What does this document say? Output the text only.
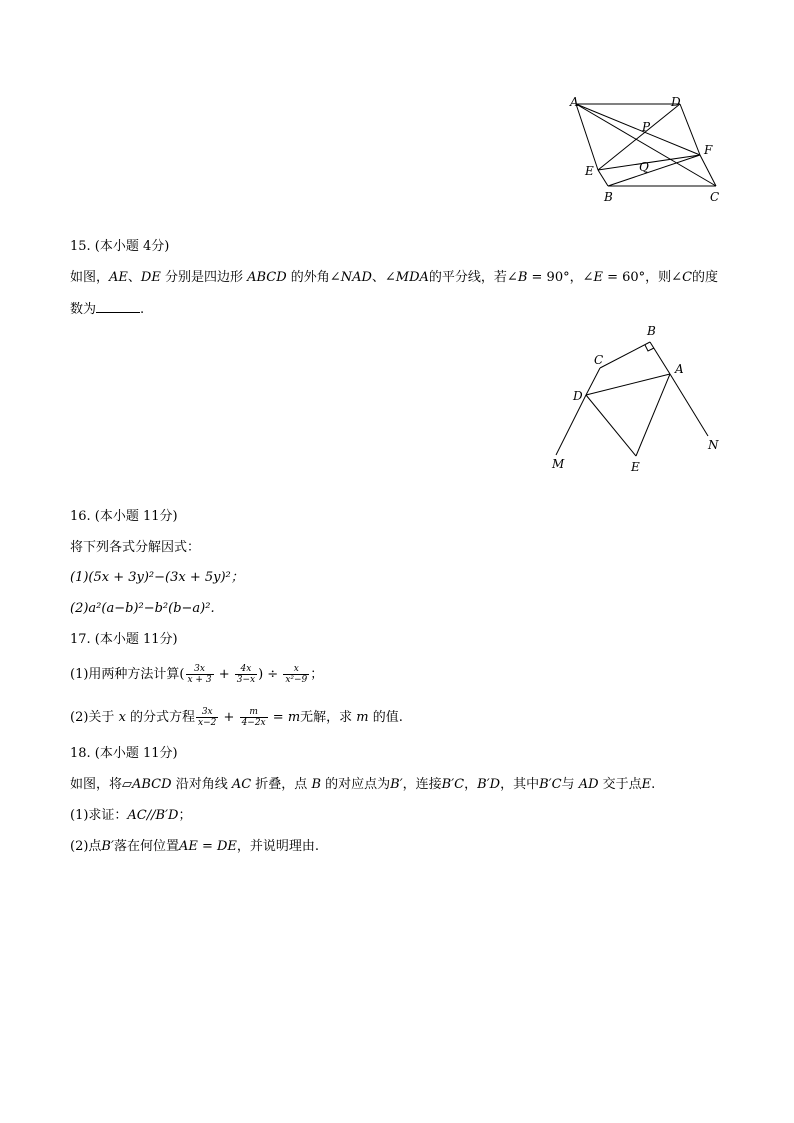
A	D
P
F
E	Q
B	C
15. (本小题 4分)
如图，AE、DE 分别是四边形 ABCD 的外角∠NAD、∠MDA的平分线，若∠B = 90°，∠E = 60°，则∠C的度
数为	.
B
C
A
D
N
M	E
16. (本小题 11分)
将下列各式分解因式：
(1)(5x + 3y)²−(3x + 5y)²；
(2)a²(a−b)²−b²(b−a)².
17. (本小题 11分)
(1)用两种方法计算( $\frac{3x}{x + 3} + \frac{4x}{3-x}$ ) ÷ $\frac{x}{\text{x²−9}}$ ；
(2)关于 x 的分式方程 $\frac{3x}{x-2} + \frac{m}{4-2x} = m$无解，求 m 的值.
18. (本小题 11分)
如图，将▱ABCD 沿对角线 AC 折叠，点 B 的对应点为B′，连接B′C，B′D，其中B′C与 AD 交于点E.
(1)求证：AC//B′D；
(2)点B′落在何位置AE = DE，并说明理由.
